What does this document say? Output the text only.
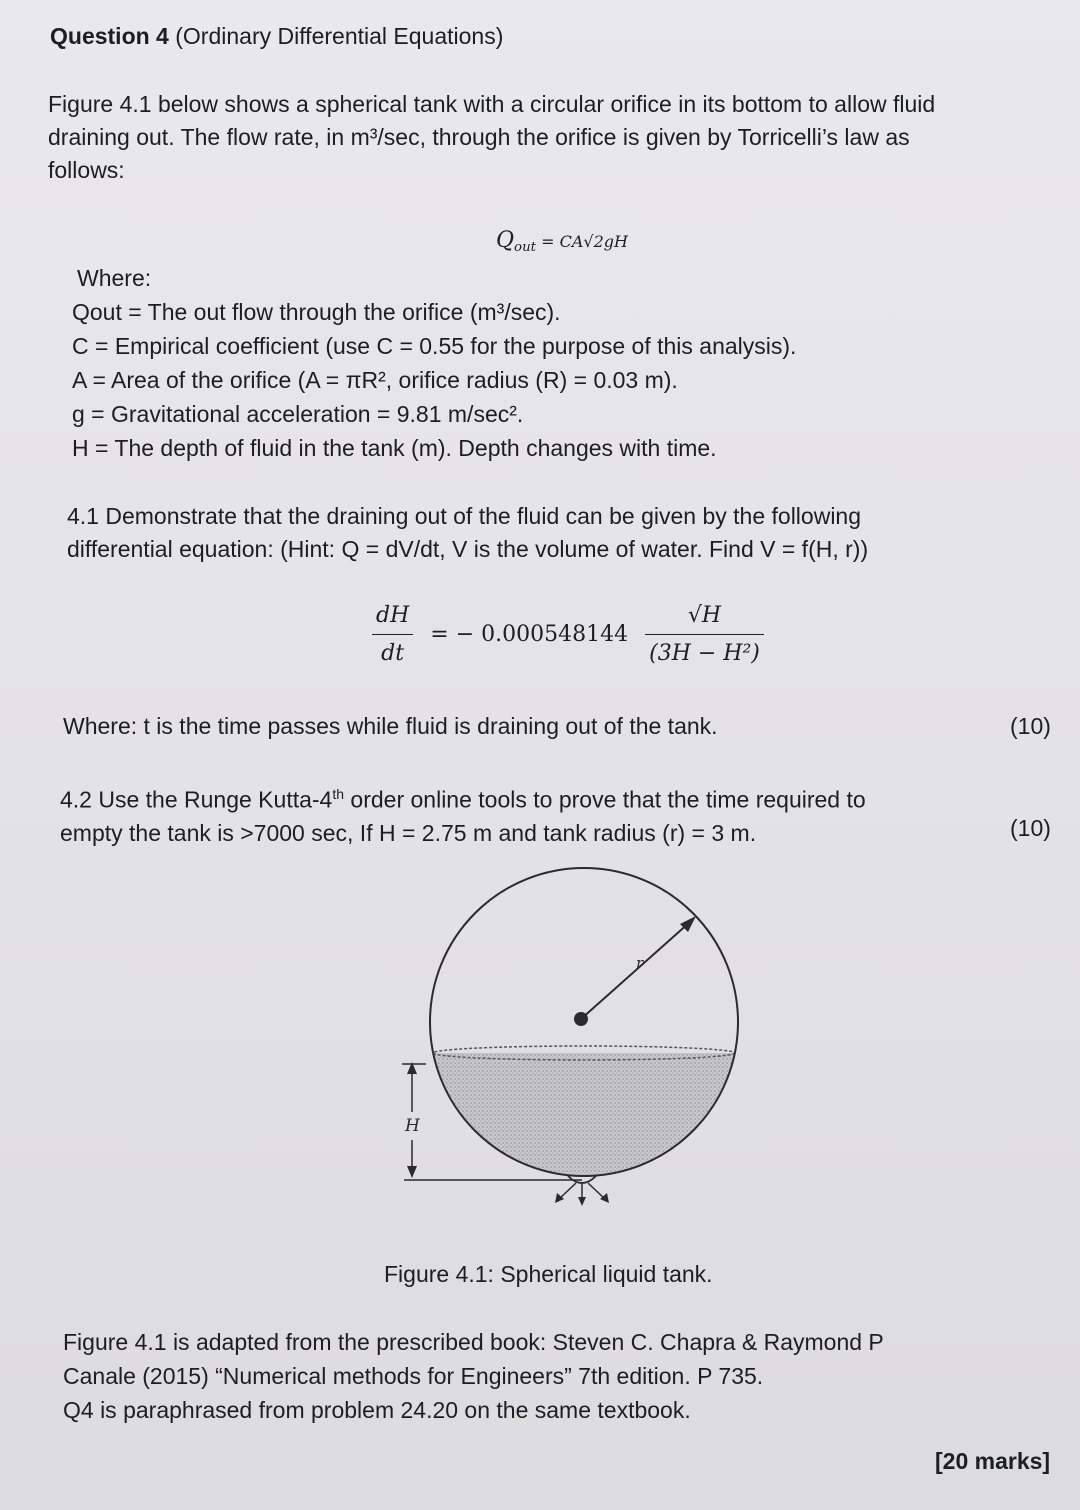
Question 4 (Ordinary Differential Equations)

Figure 4.1 below shows a spherical tank with a circular orifice in its bottom to allow fluid

draining out. The flow rate, in m³/sec, through the orifice is given by Torricelli’s law as

follows:

$Q_{out} = CA√2gH$
Where:
Qout = The out flow through the orifice (m³/sec).
C = Empirical coefficient (use C = 0.55 for the purpose of this analysis).
A = Area of the orifice (A = πR², orifice radius (R) = 0.03 m).
g = Gravitational acceleration = 9.81 m/sec².
H = The depth of fluid in the tank (m). Depth changes with time.

4.1 Demonstrate that the draining out of the fluid can be given by the following

differential equation: (Hint: Q = dV/dt, V is the volume of water. Find V = f(H, r))

$\frac{dH}{dt}$ = − $0.000548144 \frac{√H}{\text{(3H − H²)}}$
Where: t is the time passes while fluid is draining out of the tank.	(10)

4.2 Use the Runge Kutta-4th order online tools to prove that the time required to

empty the tank is >7000 sec, If H = 2.75 m and tank radius (r) = 3 m.	(10)
r
H
Figure 4.1: Spherical liquid tank.

Figure 4.1 is adapted from the prescribed book: Steven C. Chapra & Raymond P

Canale (2015) “Numerical methods for Engineers” 7th edition. P 735.

Q4 is paraphrased from problem 24.20 on the same textbook.

[20 marks]
